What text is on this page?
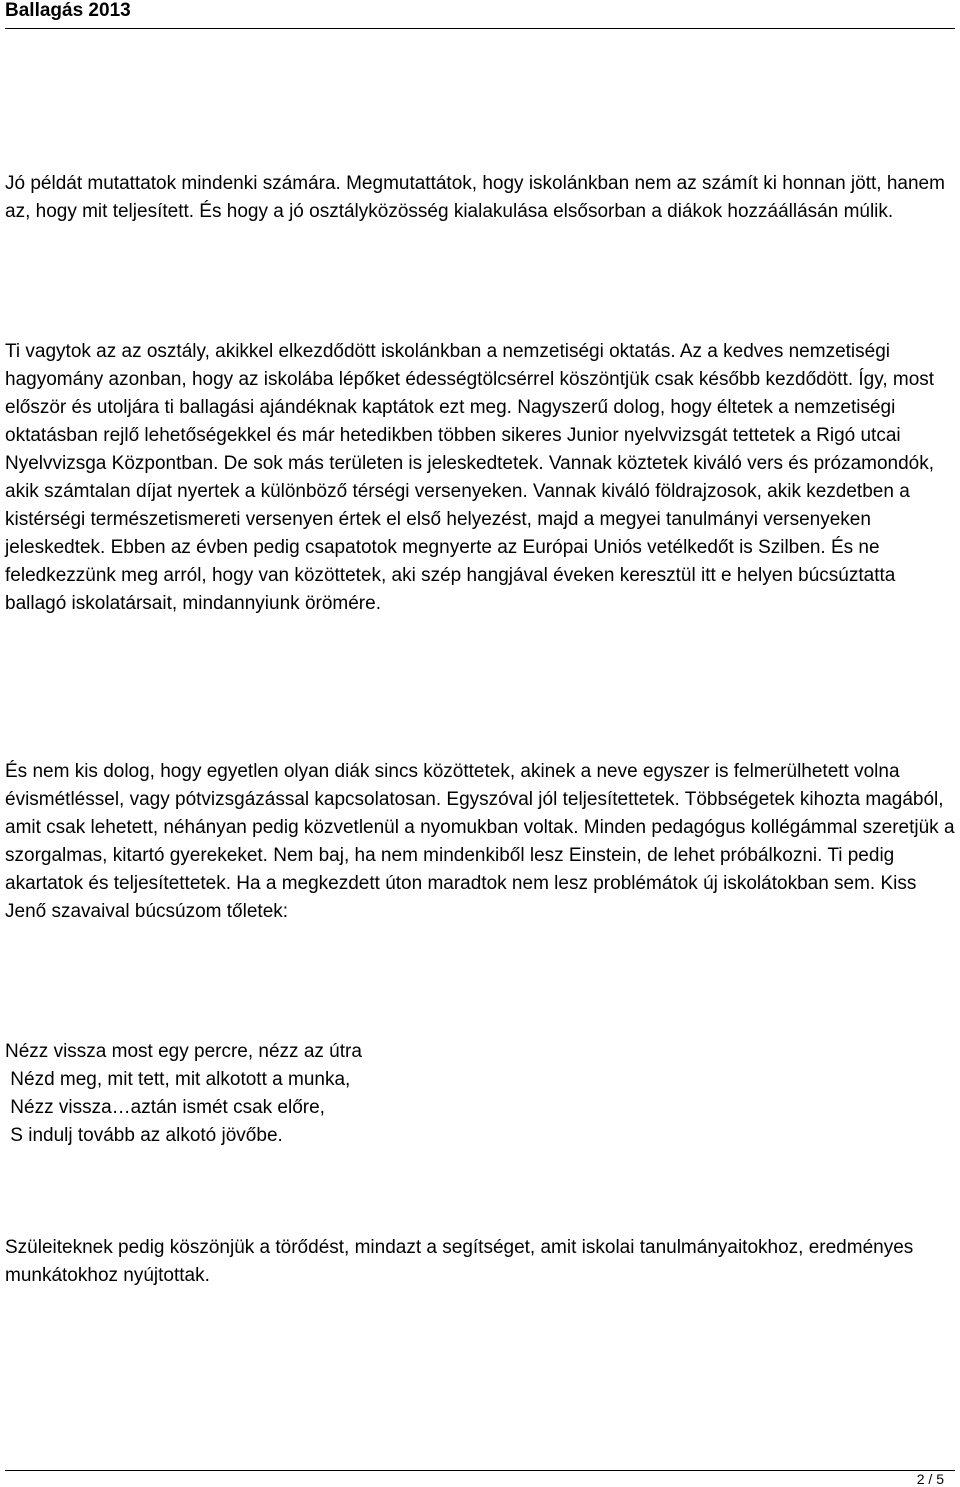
Ballagás 2013

Jó példát mutattatok mindenki számára. Megmutattátok, hogy iskolánkban nem az számít ki honnan jött, hanem az, hogy mit teljesített. És hogy a jó osztályközösség kialakulása elsősorban a diákok hozzáállásán múlik.

Ti vagytok az az osztály, akikkel elkezdődött iskolánkban a nemzetiségi oktatás. Az a kedves nemzetiségi hagyomány azonban, hogy az iskolába lépőket édességtölcsérrel köszöntjük csak később kezdődött. Így, most először és utoljára ti ballagási ajándéknak kaptátok ezt meg. Nagyszerű dolog, hogy éltetek a nemzetiségi oktatásban rejlő lehetőségekkel és már hetedikben többen sikeres Junior nyelvvizsgát tettetek a Rigó utcai Nyelvvizsga Központban. De sok más területen is jeleskedtetek. Vannak köztetek kiváló vers és prózamondók, akik számtalan díjat nyertek a különböző térségi versenyeken. Vannak kiváló földrajzosok, akik kezdetben a kistérségi természetismereti versenyen értek el első helyezést, majd a megyei tanulmányi versenyeken jeleskedtek. Ebben az évben pedig csapatotok megnyerte az Európai Uniós vetélkedőt is Szilben. És ne feledkezzünk meg arról, hogy van közöttetek, aki szép hangjával éveken keresztül itt e helyen búcsúztatta ballagó iskolatársait, mindannyiunk örömére.

És nem kis dolog, hogy egyetlen olyan diák sincs közöttetek, akinek a neve egyszer is felmerülhetett volna évismétléssel, vagy pótvizsgázással kapcsolatosan. Egyszóval jól teljesítettetek. Többségetek kihozta magából, amit csak lehetett, néhányan pedig közvetlenül a nyomukban voltak. Minden pedagógus kollégámmal szeretjük a szorgalmas, kitartó gyerekeket. Nem baj, ha nem mindenkiből lesz Einstein, de lehet próbálkozni. Ti pedig akartatok és teljesítettetek. Ha a megkezdett úton maradtok nem lesz problémátok új iskolátokban sem. Kiss Jenő szavaival búcsúzom tőletek:

Nézz vissza most egy percre, nézz az útra
Nézd meg, mit tett, mit alkotott a munka,
Nézz vissza…aztán ismét csak előre,
S indulj tovább az alkotó jövőbe.

Szüleiteknek pedig köszönjük a törődést, mindazt a segítséget, amit iskolai tanulmányaitokhoz, eredményes munkátokhoz nyújtottak.

2 / 5
